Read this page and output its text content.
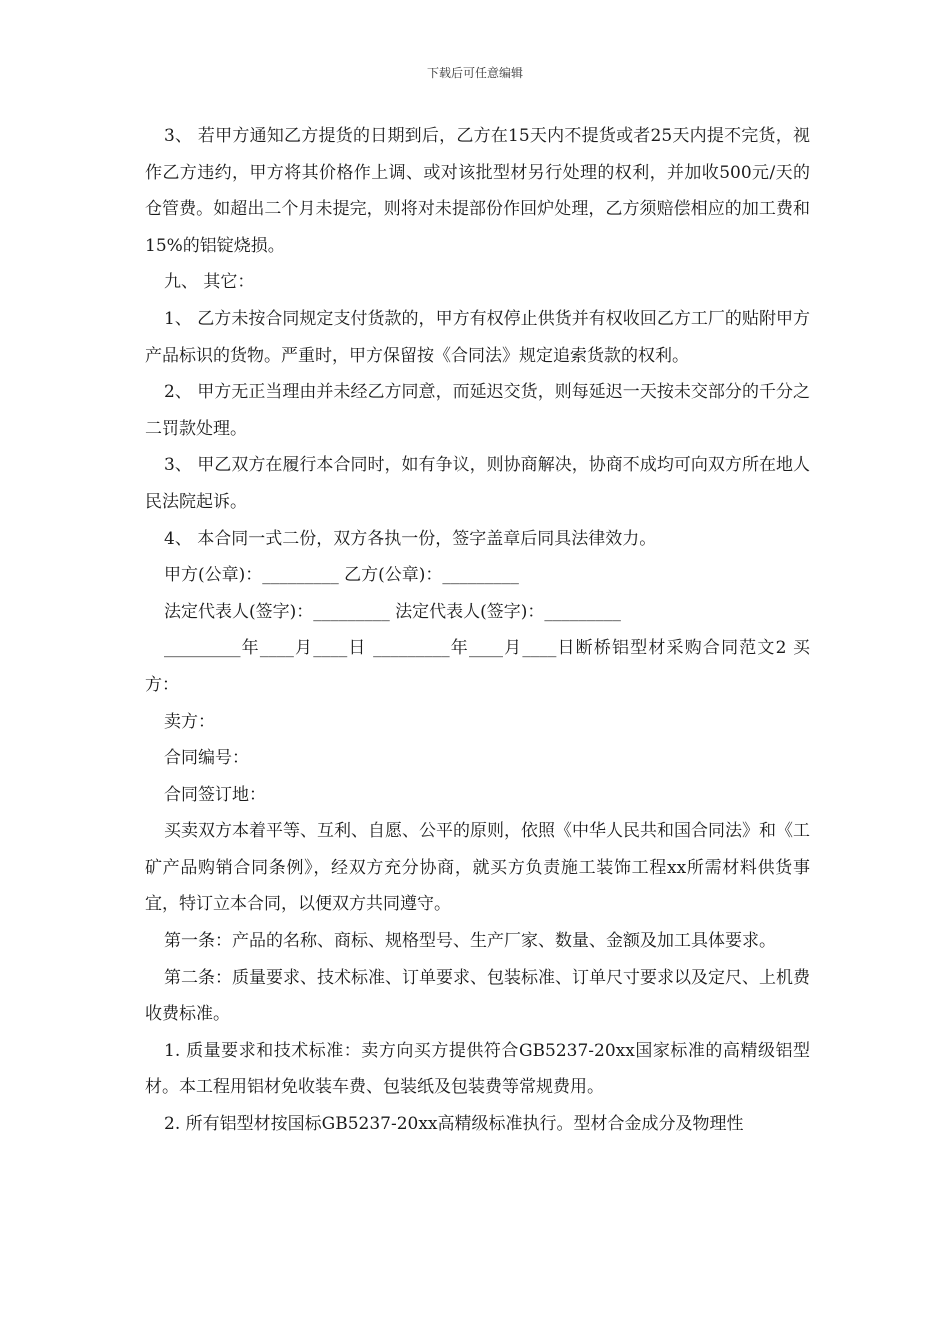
下载后可任意编辑

3、 若甲方通知乙方提货的日期到后，乙方在15天内不提货或者25天内提不完货，视作乙方违约，甲方将其价格作上调、或对该批型材另行处理的权利，并加收500元/天的仓管费。如超出二个月未提完，则将对未提部份作回炉处理，乙方须赔偿相应的加工费和15%的铝锭烧损。

九、 其它：

1、 乙方未按合同规定支付货款的，甲方有权停止供货并有权收回乙方工厂的贴附甲方产品标识的货物。严重时，甲方保留按《合同法》规定追索货款的权利。

2、 甲方无正当理由并未经乙方同意，而延迟交货，则每延迟一天按未交部分的千分之二罚款处理。

3、 甲乙双方在履行本合同时，如有争议，则协商解决，协商不成均可向双方所在地人民法院起诉。

4、 本合同一式二份，双方各执一份，签字盖章后同具法律效力。

甲方(公章)：_________ 乙方(公章)：_________

法定代表人(签字)：_________ 法定代表人(签字)：_________

_________年____月____日 _________年____月____日断桥铝型材采购合同范文2 买方：

卖方：

合同编号：

合同签订地：

买卖双方本着平等、互利、自愿、公平的原则，依照《中华人民共和国合同法》和《工矿产品购销合同条例》，经双方充分协商，就买方负责施工装饰工程xx所需材料供货事宜，特订立本合同，以便双方共同遵守。

第一条：产品的名称、商标、规格型号、生产厂家、数量、金额及加工具体要求。

第二条：质量要求、技术标准、订单要求、包装标准、订单尺寸要求以及定尺、上机费收费标准。

1. 质量要求和技术标准：卖方向买方提供符合GB5237-20xx国家标准的高精级铝型材。本工程用铝材免收装车费、包装纸及包装费等常规费用。

2. 所有铝型材按国标GB5237-20xx高精级标准执行。型材合金成分及物理性
